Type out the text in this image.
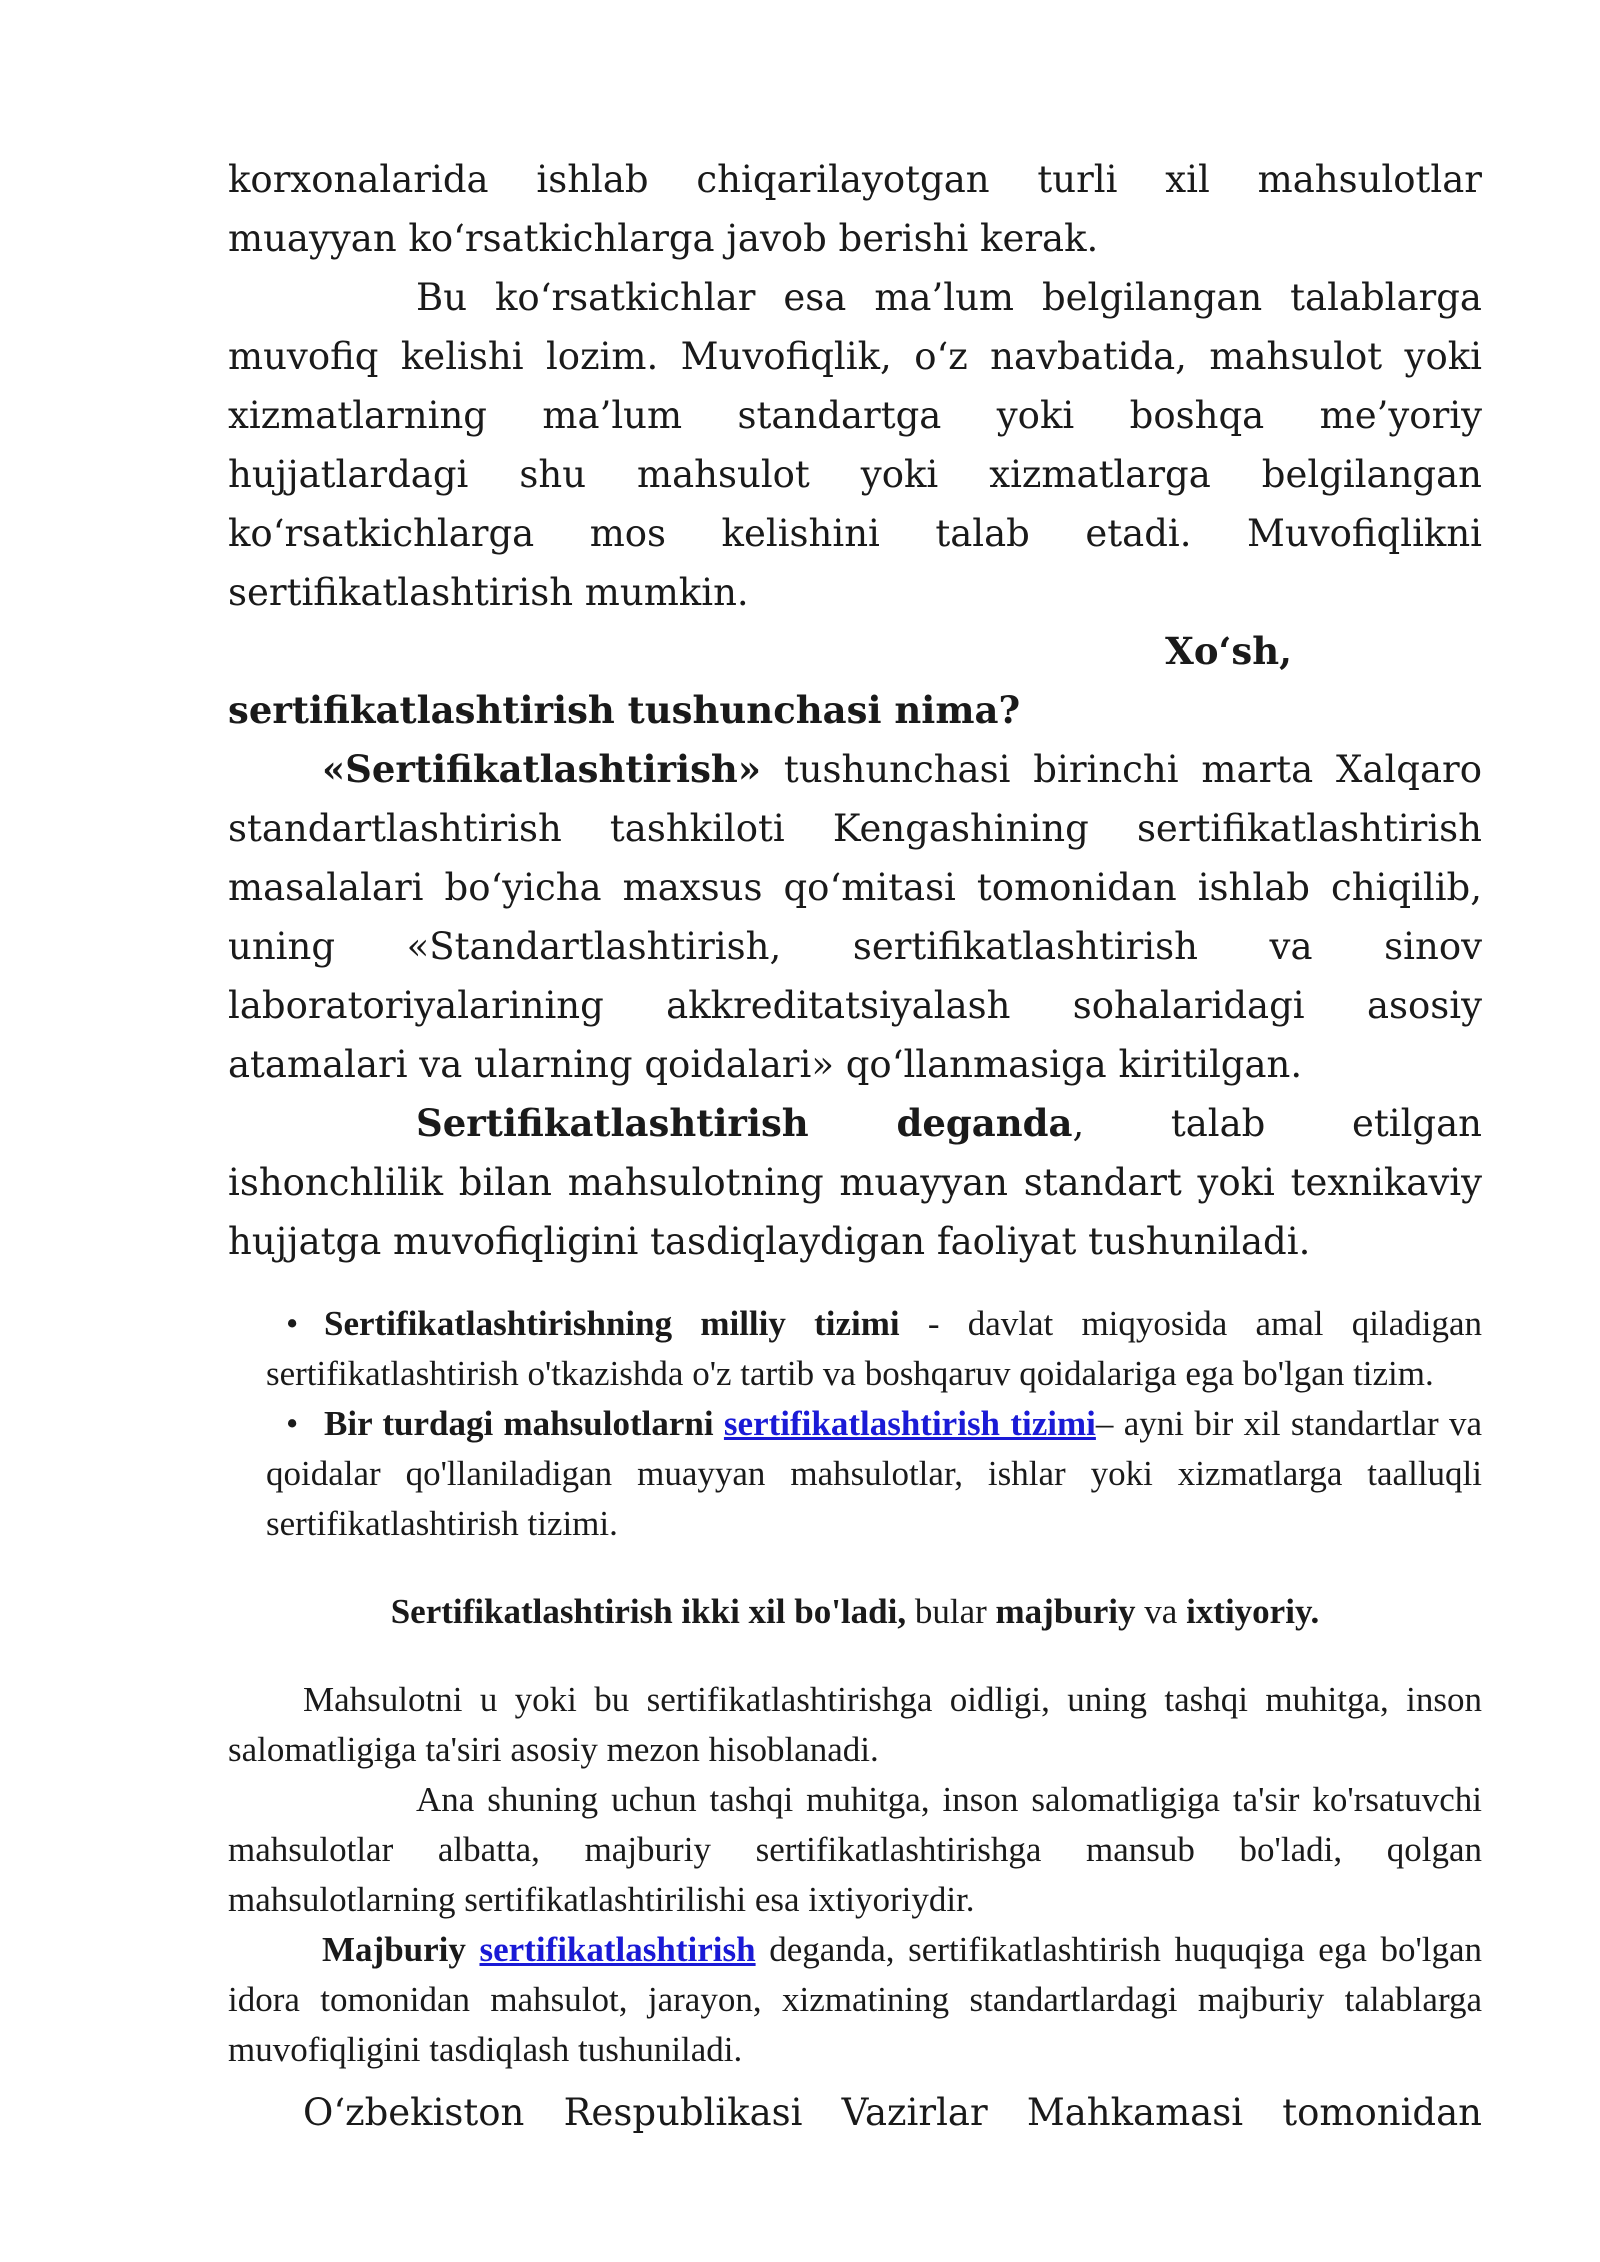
korxonalarida ishlab chiqarilayotgan turli xil mahsulotlar muayyan ko‘rsatkichlarga javob berishi kerak.

Bu ko‘rsatkichlar esa ma’lum belgilangan talablarga muvofiq kelishi lozim. Muvofiqlik, o‘z navbatida, mahsulot yoki xizmatlarning ma’lum standartga yoki boshqa me’yoriy hujjatlardagi shu mahsulot yoki xizmatlarga belgilangan ko‘rsatkichlarga mos kelishini talab etadi. Muvofiqlikni sertifikatlashtirish mumkin.

Xo‘sh,

sertifikatlashtirish tushunchasi nima?

«Sertifikatlashtirish» tushunchasi birinchi marta Xalqaro standartlashtirish tashkiloti Kengashining sertifikatlashtirish masalalari bo‘yicha maxsus qo‘mitasi tomonidan ishlab chiqilib, uning «Standartlashtirish, sertifikatlashtirish va sinov laboratoriyalarining akkreditatsiyalash sohalaridagi asosiy atamalari va ularning qoidalari» qo‘llanmasiga kiritilgan.

Sertifikatlashtirish deganda, talab etilgan ishonchlilik bilan mahsulotning muayyan standart yoki texnikaviy hujjatga muvofiqligini tasdiqlaydigan faoliyat tushuniladi.

• Sertifikatlashtirishning milliy tizimi - davlat miqyosida amal qiladigan sertifikatlashtirish o'tkazishda o'z tartib va boshqaruv qoidalariga ega bo'lgan tizim.

• Bir turdagi mahsulotlarni sertifikatlashtirish tizimi– ayni bir xil standartlar va qoidalar qo'llaniladigan muayyan mahsulotlar, ishlar yoki xizmatlarga taalluqli sertifikatlashtirish tizimi.

Sertifikatlashtirish ikki xil bo'ladi, bular majburiy va ixtiyoriy.

Mahsulotni u yoki bu sertifikatlashtirishga oidligi, uning tashqi muhitga, inson salomatligiga ta'siri asosiy mezon hisoblanadi.

Ana shuning uchun tashqi muhitga, inson salomatligiga ta'sir ko'rsatuvchi mahsulotlar albatta, majburiy sertifikatlashtirishga mansub bo'ladi, qolgan mahsulotlarning sertifikatlashtirilishi esa ixtiyoriydir.

Majburiy sertifikatlashtirish deganda, sertifikatlashtirish huquqiga ega bo'lgan idora tomonidan mahsulot, jarayon, xizmatining standartlardagi majburiy talablarga muvofiqligini tasdiqlash tushuniladi.

O‘zbekiston Respublikasi Vazirlar Mahkamasi tomonidan
